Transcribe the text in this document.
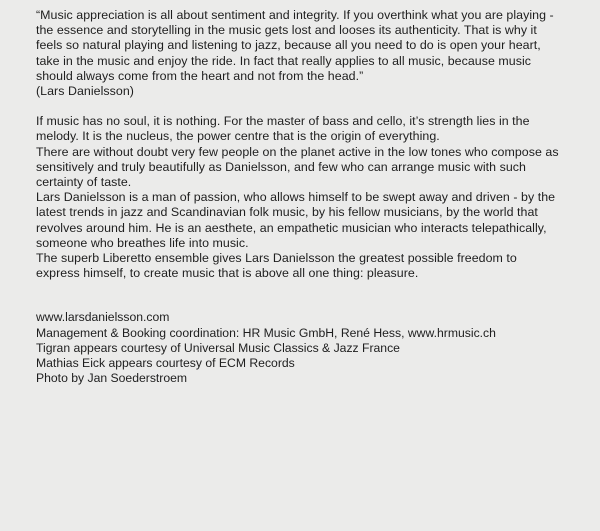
“Music appreciation is all about sentiment and integrity. If you overthink what you are playing - the essence and storytelling in the music gets lost and looses its authenticity. That is why it feels so natural playing and listening to jazz, because all you need to do is open your heart, take in the music and enjoy the ride. In fact that really applies to all music, because music should always come from the heart and not from the head.”

(Lars Danielsson)

If music has no soul, it is nothing. For the master of bass and cello, it’s strength lies in the melody. It is the nucleus, the power centre that is the origin of everything.

There are without doubt very few people on the planet active in the low tones who compose as sensitively and truly beautifully as Danielsson, and few who can arrange music with such certainty of taste.

Lars Danielsson is a man of passion, who allows himself to be swept away and driven - by the latest trends in jazz and Scandinavian folk music, by his fellow musicians, by the world that revolves around him. He is an aesthete, an empathetic musician who interacts telepathically, someone who breathes life into music.

The superb Liberetto ensemble gives Lars Danielsson the greatest possible freedom to express himself, to create music that is above all one thing: pleasure.

www.larsdanielsson.com

Management & Booking coordination: HR Music GmbH, René Hess, www.hrmusic.ch

Tigran appears courtesy of Universal Music Classics & Jazz France

Mathias Eick appears courtesy of ECM Records

Photo by Jan Soederstroem
